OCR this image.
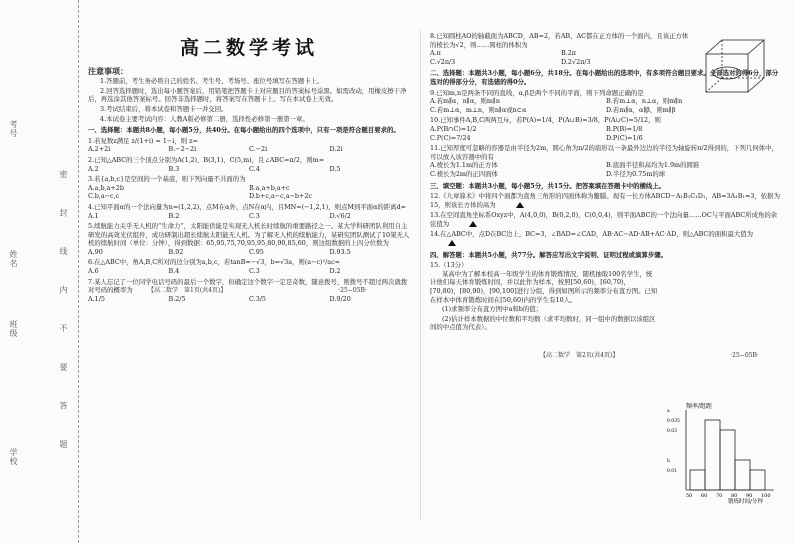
学校
班级
姓名
考号
密 封 线 内 不 要 答 题
高二数学考试
注意事项：

1.答题前，考生务必将自己的姓名、考生号、考场号、座位号填写在答题卡上。

2.回答选择题时，选出每小题答案后，用铅笔把答题卡上对应题目的答案标号涂黑。如需改动，用橡皮擦干净后，再选涂其他答案标号。回答非选择题时，将答案写在答题卡上。写在本试卷上无效。

3.考试结束后，将本试卷和答题卡一并交回。

4.本试卷主要考试内容：人教A版必修第二册，选择性必修第一册第一章。

一、选择题：本题共8小题，每小题5分，共40分。在每小题给出的四个选项中，只有一项是符合题目要求的。
1.若复数z满足 z/(1+i) = 1−i，则 z=
A.2+2i	B.−2−2i	C.−2i	D.2i
2.已知△ABC的三个顶点分别为A(1,2)，B(3,1)，C(5,m)，且∠ABC=π/2，则m=
A.2	B.3	C.4	D.5
3.若{a,b,c}是空间的一个基底，则下列向量不共面的为
A.a,b,a+2b	B.a,a+b,a+c
C.b,a−c,c	D.b+c,a−c,a−b+2c
4.已知平面α的一个法向量为n=(1,2,2)，点M在α外，点N在α内，且MN=(−1,2,1)，则点M到平面α的距离d=
A.1	B.2	C.3	D.√6/2
5.续航能力关乎无人机的“生命力”，太阳能供能是实现无人机长时续航的重要路径之一。某大学科研团队利用自主研发的高效光伏组件，成功研制出超长续航太阳能无人机。为了解无人机的续航能力，某研究团队测试了10架无人机的续航时间（单位：分钟），得到数据：65,95,75,70,95,95,80,90,85,60，则这组数据的上四分位数为
A.90	B.92	C.95	D.93.5
6.在△ABC中，角A,B,C所对的边分别为a,b,c，若tanB=−√3，b=√3a，则(a−c)²/ac=
A.6	B.4	C.3	D.2
7.某人忘记了一位同学电话号码的最后一个数字，但确定这个数字一定是奇数，随意拨号，则拨号不超过两次就拨对号码的概率为
A.1/5	B.2/5	C.3/5	D.9/20
【高二数学　第1页(共4页)】	·25−05B·
8.已知圆柱AO的轴截面为ABCD，AB=2，若AB，AC都在正方体的一个面内，且该正方体的棱长为√2，则……圆柱的体积为
A.π	B.2π
C.√2π/3	D.2√2π/3
二、选择题：本题共3小题，每小题6分，共18分。在每小题给出的选项中，有多项符合题目要求。全部选对的得6分，部分选对的得部分分，有选错的得0分。
9.已知m,n是两条不同的直线，α,β是两个不同的平面，则下列命题正确的是
A.若m∥α，n∥α，则m∥n	B.若m⊥α，n⊥α，则m∥n
C.若m⊥α，m⊥n，则n∥α或n⊂α	D.若m∥α，α∥β，则m∥β
10.已知事件A,B,C两两互斥，若P(A)=1/4，P(A∪B)=3/8，P(A∪C)=5/12，则
A.P(B∩C)=1/2	B.P(B)=1/8
C.P(C)=7/24	D.P(C)=1/6
11.已知厚度可忽略的容器是由半径为2m，圆心角为π/2的扇形以一条最外边边的半径为轴旋转π/2得到的，下列几何体中，可以放入该容器中的有
A.棱长为1.1m的正方体	B.底面半径和高均为1.9m的圆锥
C.棱长为2m的正四面体	D.半径为0.75m的球
三、填空题：本题共3小题，每小题5分，共15分。把答案填在答题卡中的横线上。
12.《九章算术》中将四个面都为直角三角形的四面体称为鳖臑。现有一长方体ABCD−A₁B₁C₁D₁，AB=3A₁B₁=3，依据为15，则该长方体的高为
13.在空间直角坐标系Oxyz中，A(4,0,0)，B(0,2,0)，C(0,0,4)，则平面ABC的一个法向量……OC与平面ABC所成角的余弦值为
14.在△ABC中，点D在BC边上，BC=3，∠BAD=∠CAD，AB·AC−AD·AB+AC·AD，则△ABC的面积最大值为
四、解答题：本题共5小题，共77分。解答应写出文字说明、证明过程或演算步骤。
15.（13分）

某高中为了解本校高一年级学生的体育锻炼情况，随机抽取100名学生，统计他们每天体育锻炼时间，并以此作为样本，按照[50,60)，[60,70)，[70,80)，[80,90)，[90,100]进行分组，得到如图所示的频率分布直方图。已知在样本中体育锻炼时间在[50,60)内的学生有10人。

(1)求频率分布直方图中a和b的值；

(2)估计样本数据的中位数和平均数（求平均数时，同一组中的数据以该组区间的中点值为代表）。

【高二数学　第2页(共4页)】	·25−05B·
频率/组距
锻炼时间/分钟
50 60 70 80 90 100
a
0.035
0.03
b
0.01
